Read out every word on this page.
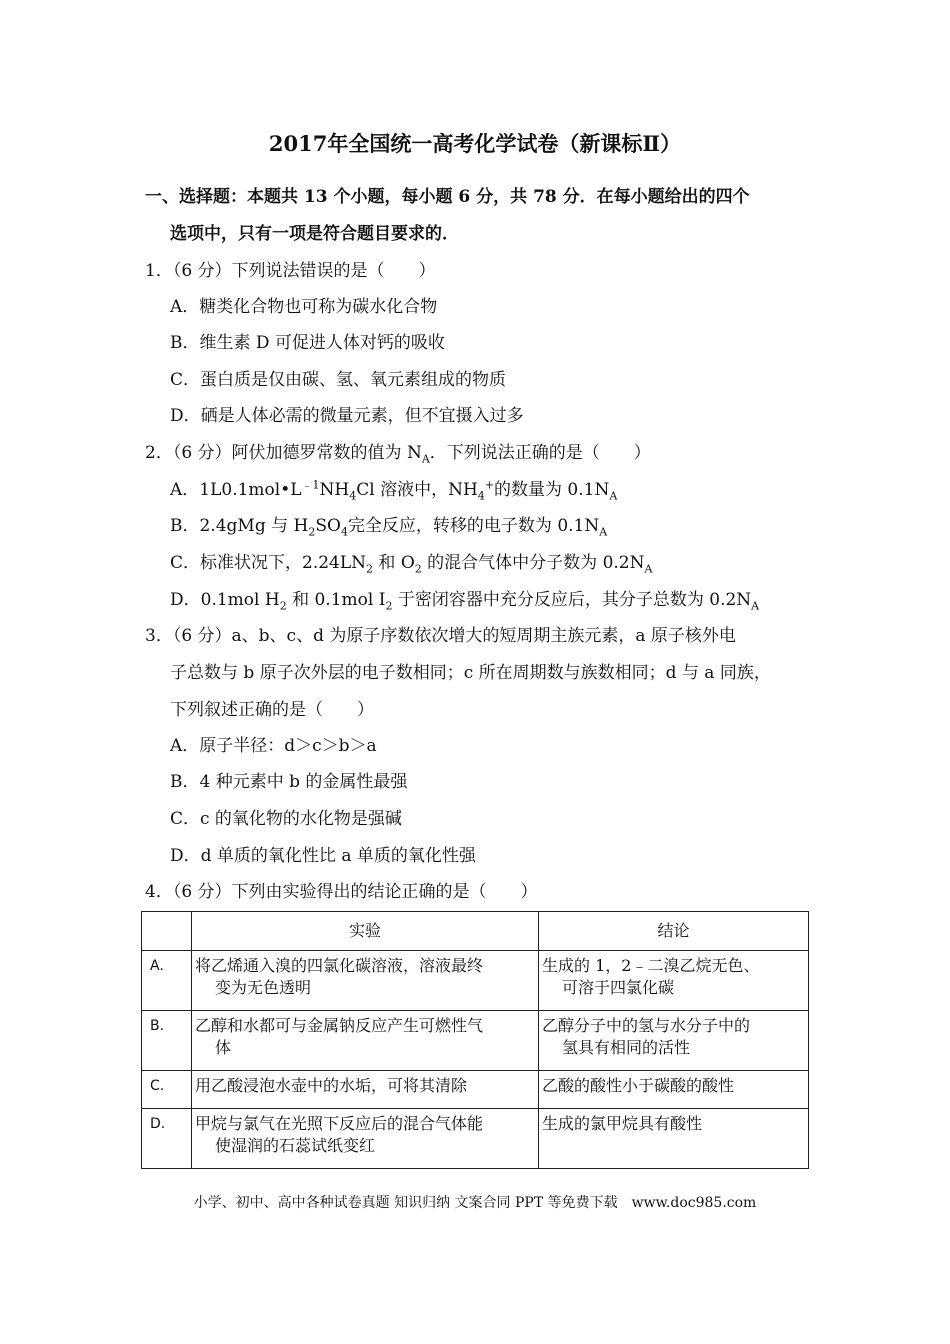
2017年全国统一高考化学试卷（新课标Ⅱ）
一、选择题：本题共 13 个小题，每小题 6 分，共 78 分．在每小题给出的四个
选项中，只有一项是符合题目要求的．
1．（6 分）下列说法错误的是（　　）
A．糖类化合物也可称为碳水化合物
B．维生素 D 可促进人体对钙的吸收
C．蛋白质是仅由碳、氢、氧元素组成的物质
D．硒是人体必需的微量元素，但不宜摄入过多
2．（6 分）阿伏加德罗常数的值为 $N_A$．下列说法正确的是（　　）
A．$1L0.1mol•L^{﹣1}NH_4Cl$ 溶液中，$NH_4^+$的数量为 $0.1N_A$
B．2.4gMg 与 $H_2SO_4$完全反应，转移的电子数为 $0.1N_A$
C．标准状况下，$2.24LN_2$ 和 $O_2$ 的混合气体中分子数为 $0.2N_A$
D．0.1mol $H_2$ 和 0.1mol $I_2$ 于密闭容器中充分反应后，其分子总数为 $0.2N_A$
3．（6 分）a、b、c、d 为原子序数依次增大的短周期主族元素，a 原子核外电
子总数与 b 原子次外层的电子数相同；c 所在周期数与族数相同；d 与 a 同族，
下列叙述正确的是（　　）
A．原子半径：d＞c＞b＞a
B．4 种元素中 b 的金属性最强
C．c 的氧化物的水化物是强碱
D．d 单质的氧化性比 a 单质的氧化性强
4．（6 分）下列由实验得出的结论正确的是（　　）
	实验	结论
A.	将乙烯通入溴的四氯化碳溶液，溶液最终
变为无色透明	生成的 1，2﹣二溴乙烷无色、
可溶于四氯化碳

B.	乙醇和水都可与金属钠反应产生可燃性气
体	乙醇分子中的氢与水分子中的
氢具有相同的活性

C.	用乙酸浸泡水壶中的水垢，可将其清除	乙酸的酸性小于碳酸的酸性
D.	甲烷与氯气在光照下反应后的混合气体能
使湿润的石蕊试纸变红	生成的氯甲烷具有酸性
小学、初中、高中各种试卷真题 知识归纳 文案合同 PPT 等免费下载　www.doc985.com
